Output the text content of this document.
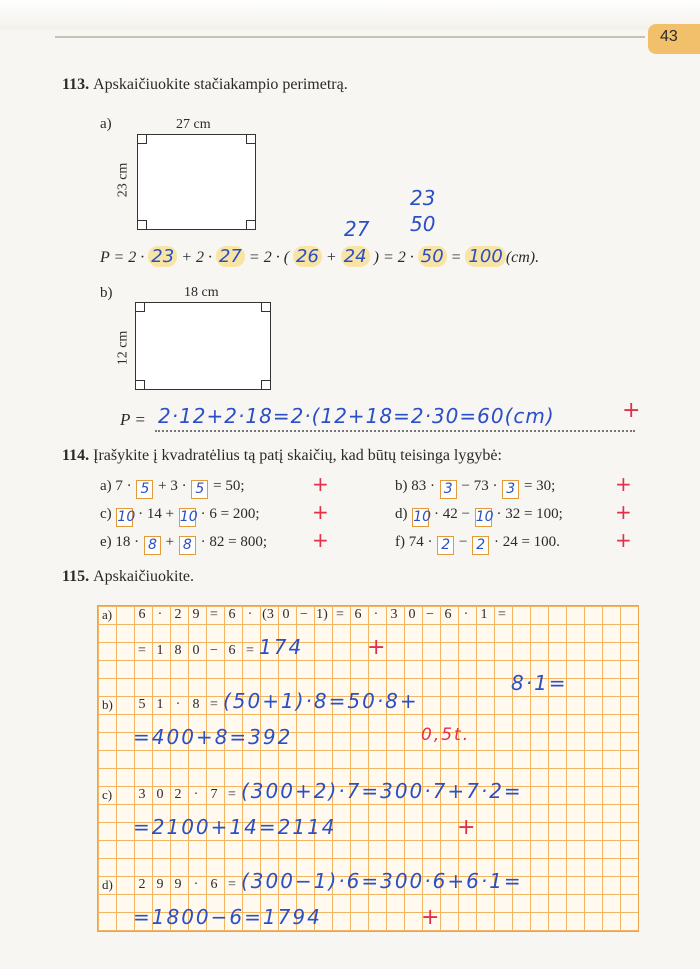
43
113. Apskaičiuokite stačiakampio perimetrą.
a)	27 cm
23 cm
23
27 50
P = 2 · 23 + 2 · 27 = 2 · ( 26 + 24 ) = 2 · 50 = 100 (cm).
b)	18 cm
12 cm
P = 2·12+2·18=2·(12+18=2·30=60(cm)	+
114. Įrašykite į kvadratėlius tą patį skaičių, kad būtų teisinga lygybė:
a) 7 · 5 + 3 · 5 = 50;	+	b) 83 · 3 − 73 · 3 = 30;	+
c) 10 · 14 + 10 · 6 = 200;	+	d) 10 · 42 − 10 · 32 = 100;	+
e) 18 · 8 + 8 · 82 = 800; +	f) 74 · 2 − 2 · 24 = 100.	+
115. Apskaičiuokite.
a)	6 · 2 9 = 6 · (3 0 − 1) = 6 · 3 0 − 6 · 1 =
= 1 8 0 − 6 = 174	+
b)	5 1 · 8 = (50+1)·8=50·8+
8·1=
=400+8=392	0,5t.
c)	3 0 2 · 7 = (300+2)·7=300·7+7·2=
=2100+14=2114	+
d)	2 9 9 · 6 = (300−1)·6=300·6+6·1=
=1800−6=1794	+
